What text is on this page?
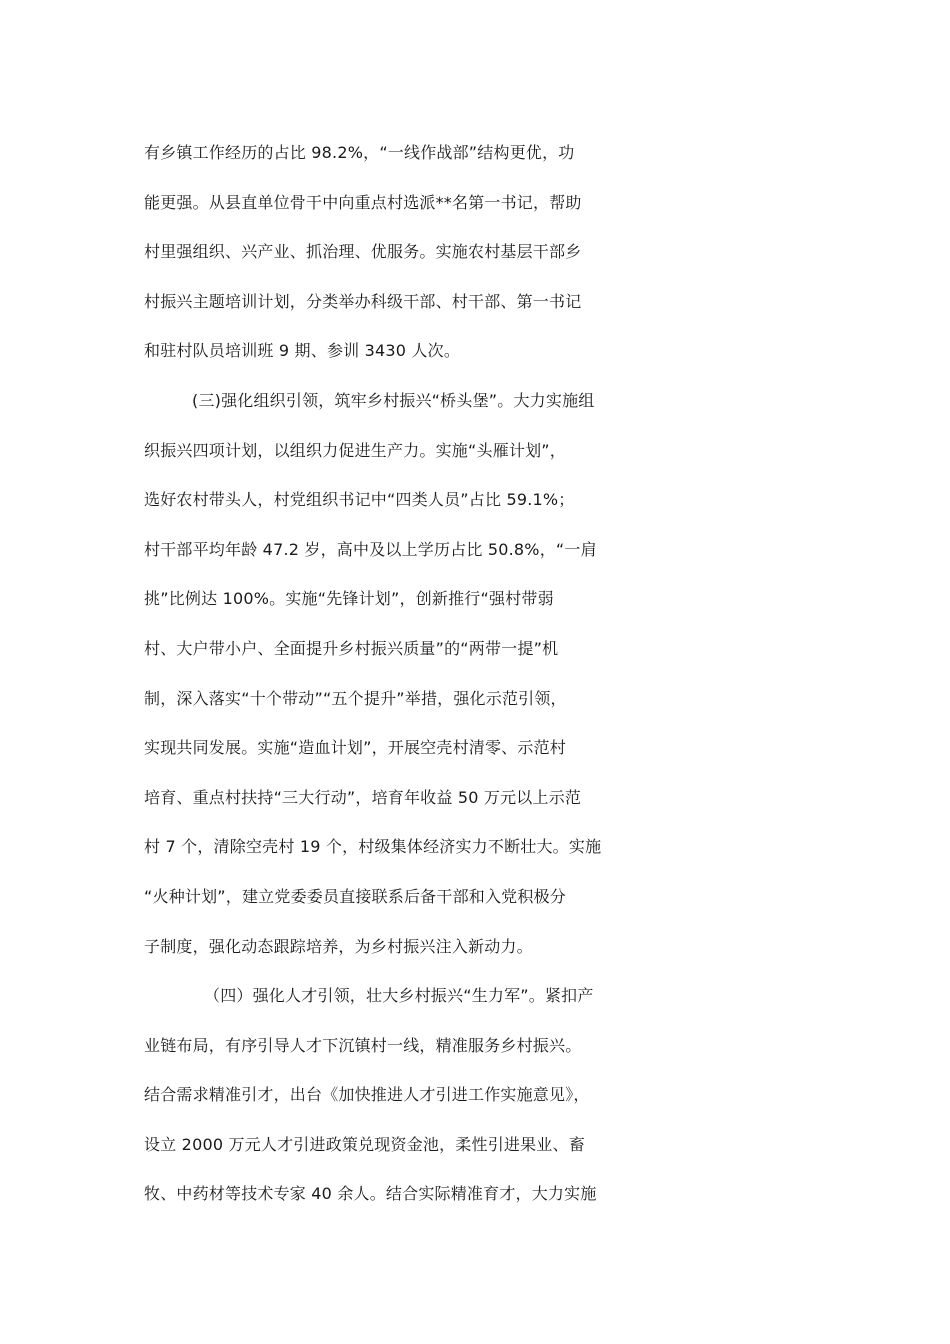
有乡镇工作经历的占比 98.2%，“一线作战部”结构更优，功
能更强。从县直单位骨干中向重点村选派**名第一书记，帮助
村里强组织、兴产业、抓治理、优服务。实施农村基层干部乡
村振兴主题培训计划，分类举办科级干部、村干部、第一书记
和驻村队员培训班 9 期、参训 3430 人次。
(三)强化组织引领，筑牢乡村振兴“桥头堡”。大力实施组
织振兴四项计划，以组织力促进生产力。实施“头雁计划”，
选好农村带头人，村党组织书记中“四类人员”占比 59.1%；
村干部平均年龄 47.2 岁，高中及以上学历占比 50.8%，“一肩
挑”比例达 100%。实施“先锋计划”，创新推行“强村带弱
村、大户带小户、全面提升乡村振兴质量”的“两带一提”机
制，深入落实“十个带动”“五个提升”举措，强化示范引领，
实现共同发展。实施“造血计划”，开展空壳村清零、示范村
培育、重点村扶持“三大行动”，培育年收益 50 万元以上示范
村 7 个，清除空壳村 19 个，村级集体经济实力不断壮大。实施
“火种计划”，建立党委委员直接联系后备干部和入党积极分
子制度，强化动态跟踪培养，为乡村振兴注入新动力。
（四）强化人才引领，壮大乡村振兴“生力军”。紧扣产
业链布局，有序引导人才下沉镇村一线，精准服务乡村振兴。
结合需求精准引才，出台《加快推进人才引进工作实施意见》，
设立 2000 万元人才引进政策兑现资金池，柔性引进果业、畜
牧、中药材等技术专家 40 余人。结合实际精准育才，大力实施
